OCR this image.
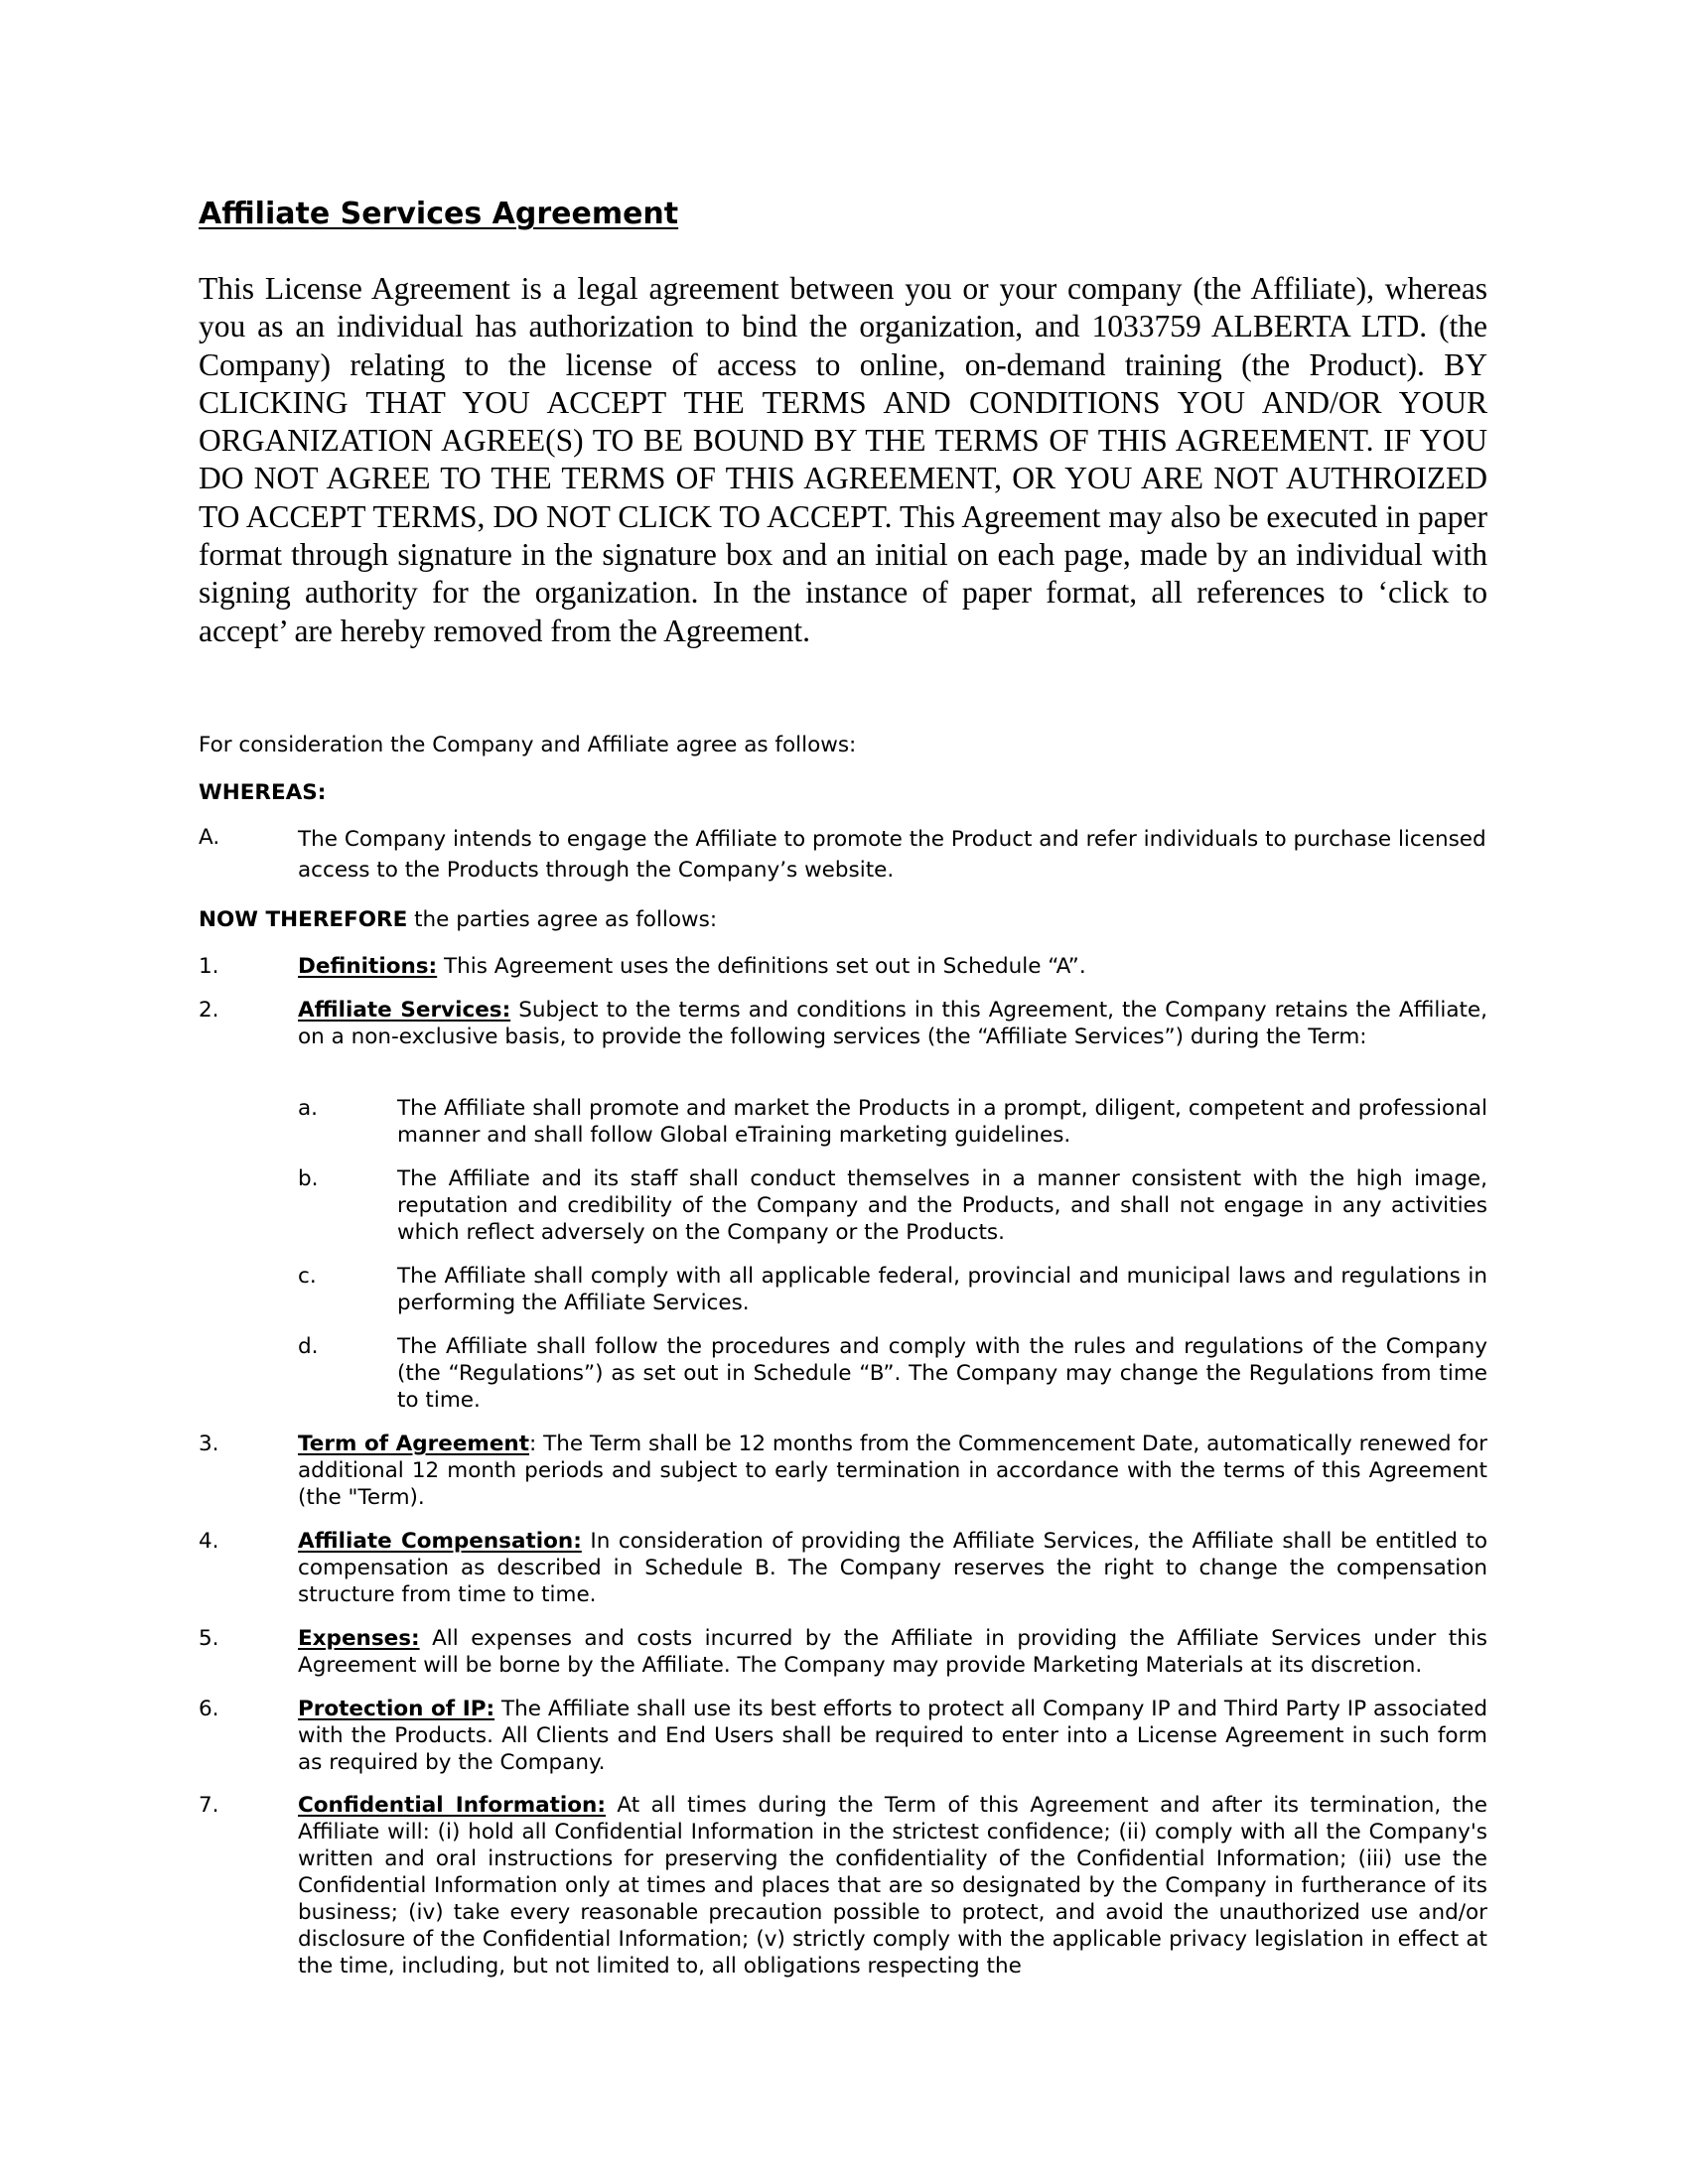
Affiliate Services Agreement

This License Agreement is a legal agreement between you or your company (the Affiliate), whereas you as an individual has authorization to bind the organization, and 1033759 ALBERTA LTD. (the Company) relating to the license of access to online, on-demand training (the Product). BY CLICKING THAT YOU ACCEPT THE TERMS AND CONDITIONS YOU AND/OR YOUR ORGANIZATION AGREE(S) TO BE BOUND BY THE TERMS OF THIS AGREEMENT. IF YOU DO NOT AGREE TO THE TERMS OF THIS AGREEMENT, OR YOU ARE NOT AUTHROIZED TO ACCEPT TERMS, DO NOT CLICK TO ACCEPT. This Agreement may also be executed in paper format through signature in the signature box and an initial on each page, made by an individual with signing authority for the organization. In the instance of paper format, all references to ‘click to accept’ are hereby removed from the Agreement.

For consideration the Company and Affiliate agree as follows:

WHEREAS:

A.	The Company intends to engage the Affiliate to promote the Product and refer individuals to purchase licensed access to the Products through the Company’s website.

NOW THEREFORE the parties agree as follows:

1.	Definitions: This Agreement uses the definitions set out in Schedule “A”.
2.	Affiliate Services: Subject to the terms and conditions in this Agreement, the Company retains the Affiliate, on a non-exclusive basis, to provide the following services (the “Affiliate Services”) during the Term:
a.	The Affiliate shall promote and market the Products in a prompt, diligent, competent and professional manner and shall follow Global eTraining marketing guidelines.
b.	The Affiliate and its staff shall conduct themselves in a manner consistent with the high image, reputation and credibility of the Company and the Products, and shall not engage in any activities which reflect adversely on the Company or the Products.
c.	The Affiliate shall comply with all applicable federal, provincial and municipal laws and regulations in performing the Affiliate Services.
d.	The Affiliate shall follow the procedures and comply with the rules and regulations of the Company (the “Regulations”) as set out in Schedule “B”. The Company may change the Regulations from time to time.
3.	Term of Agreement: The Term shall be 12 months from the Commencement Date, automatically renewed for additional 12 month periods and subject to early termination in accordance with the terms of this Agreement (the "Term).
4.	Affiliate Compensation: In consideration of providing the Affiliate Services, the Affiliate shall be entitled to compensation as described in Schedule B. The Company reserves the right to change the compensation structure from time to time.
5.	Expenses: All expenses and costs incurred by the Affiliate in providing the Affiliate Services under this Agreement will be borne by the Affiliate. The Company may provide Marketing Materials at its discretion.
6.	Protection of IP: The Affiliate shall use its best efforts to protect all Company IP and Third Party IP associated with the Products. All Clients and End Users shall be required to enter into a License Agreement in such form as required by the Company.
7.	Confidential Information: At all times during the Term of this Agreement and after its termination, the Affiliate will: (i) hold all Confidential Information in the strictest confidence; (ii) comply with all the Company's written and oral instructions for preserving the confidentiality of the Confidential Information; (iii) use the Confidential Information only at times and places that are so designated by the Company in furtherance of its business; (iv) take every reasonable precaution possible to protect, and avoid the unauthorized use and/or disclosure of the Confidential Information; (v) strictly comply with the applicable privacy legislation in effect at the time, including, but not limited to, all obligations respecting the
